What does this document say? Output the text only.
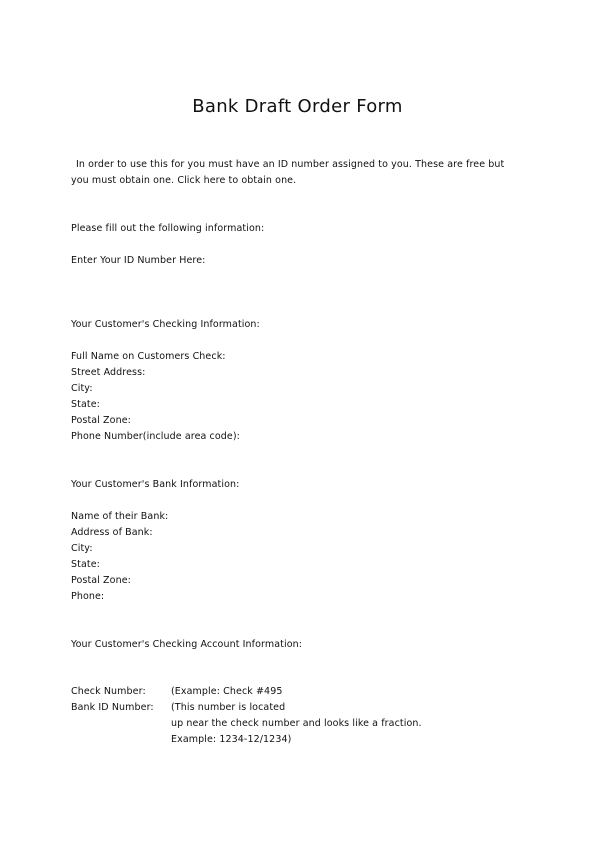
Bank Draft Order Form
In order to use this for you must have an ID number assigned to you. These are free but you must obtain one. Click here to obtain one.
Please fill out the following information:
Enter Your ID Number Here:
Your Customer's Checking Information:
Full Name on Customers Check:
Street Address:
City:
State:
Postal Zone:
Phone Number(include area code):
Your Customer's Bank Information:
Name of their Bank:
Address of Bank:
City:
State:
Postal Zone:
Phone:
Your Customer's Checking Account Information:
Check Number:	(Example: Check #495
Bank ID Number: (This number is located
up near the check number and looks like a fraction.
Example: 1234-12/1234)
